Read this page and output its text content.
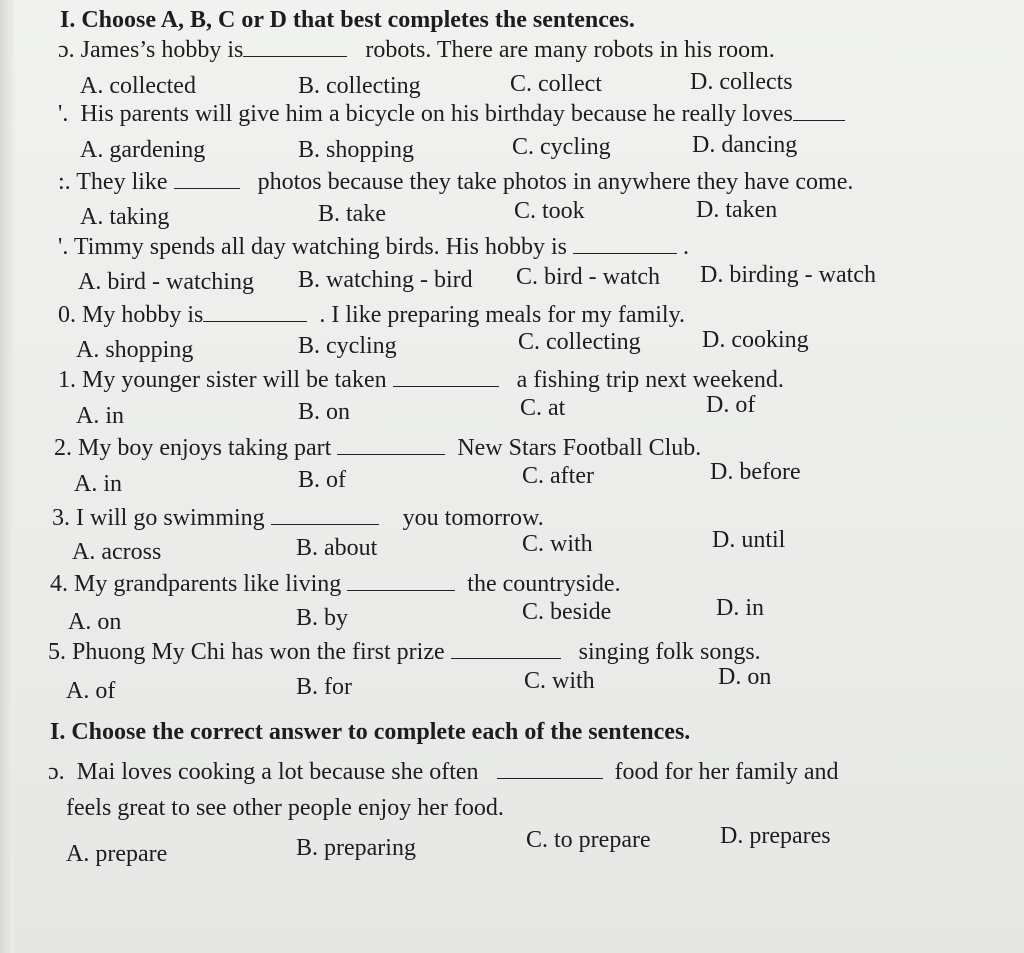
I. Choose A, B, C or D that best completes the sentences.
ɔ. James’s hobby is	robots. There are many robots in his room.
A. collected	B. collecting	C. collect	D. collects
'. His parents will give him a bicycle on his birthday because he really loves
A. gardening	B. shopping	C. cycling	D. dancing
:. They like	photos because they take photos in anywhere they have come.
A. taking	B. take	C. took	D. taken
'. Timmy spends all day watching birds. His hobby is	.
A. bird - watching B. watching - bird C. bird - watch D. birding - watch
0. My hobby is	. I like preparing meals for my family.
A. shopping	B. cycling	C. collecting	D. cooking
1. My younger sister will be taken	a fishing trip next weekend.
A. in	B. on	C. at	D. of
2. My boy enjoys taking part	New Stars Football Club.
A. in	B. of	C. after	D. before
3. I will go swimming	you tomorrow.
A. across	B. about	C. with	D. until
4. My grandparents like living	the countryside.
A. on	B. by	C. beside	D. in
5. Phuong My Chi has won the first prize	singing folk songs.
A. of	B. for	C. with	D. on
I. Choose the correct answer to complete each of the sentences.
ɔ. Mai loves cooking a lot because she often	food for her family and
feels great to see other people enjoy her food.
A. prepare	B. preparing	C. to prepare	D. prepares
